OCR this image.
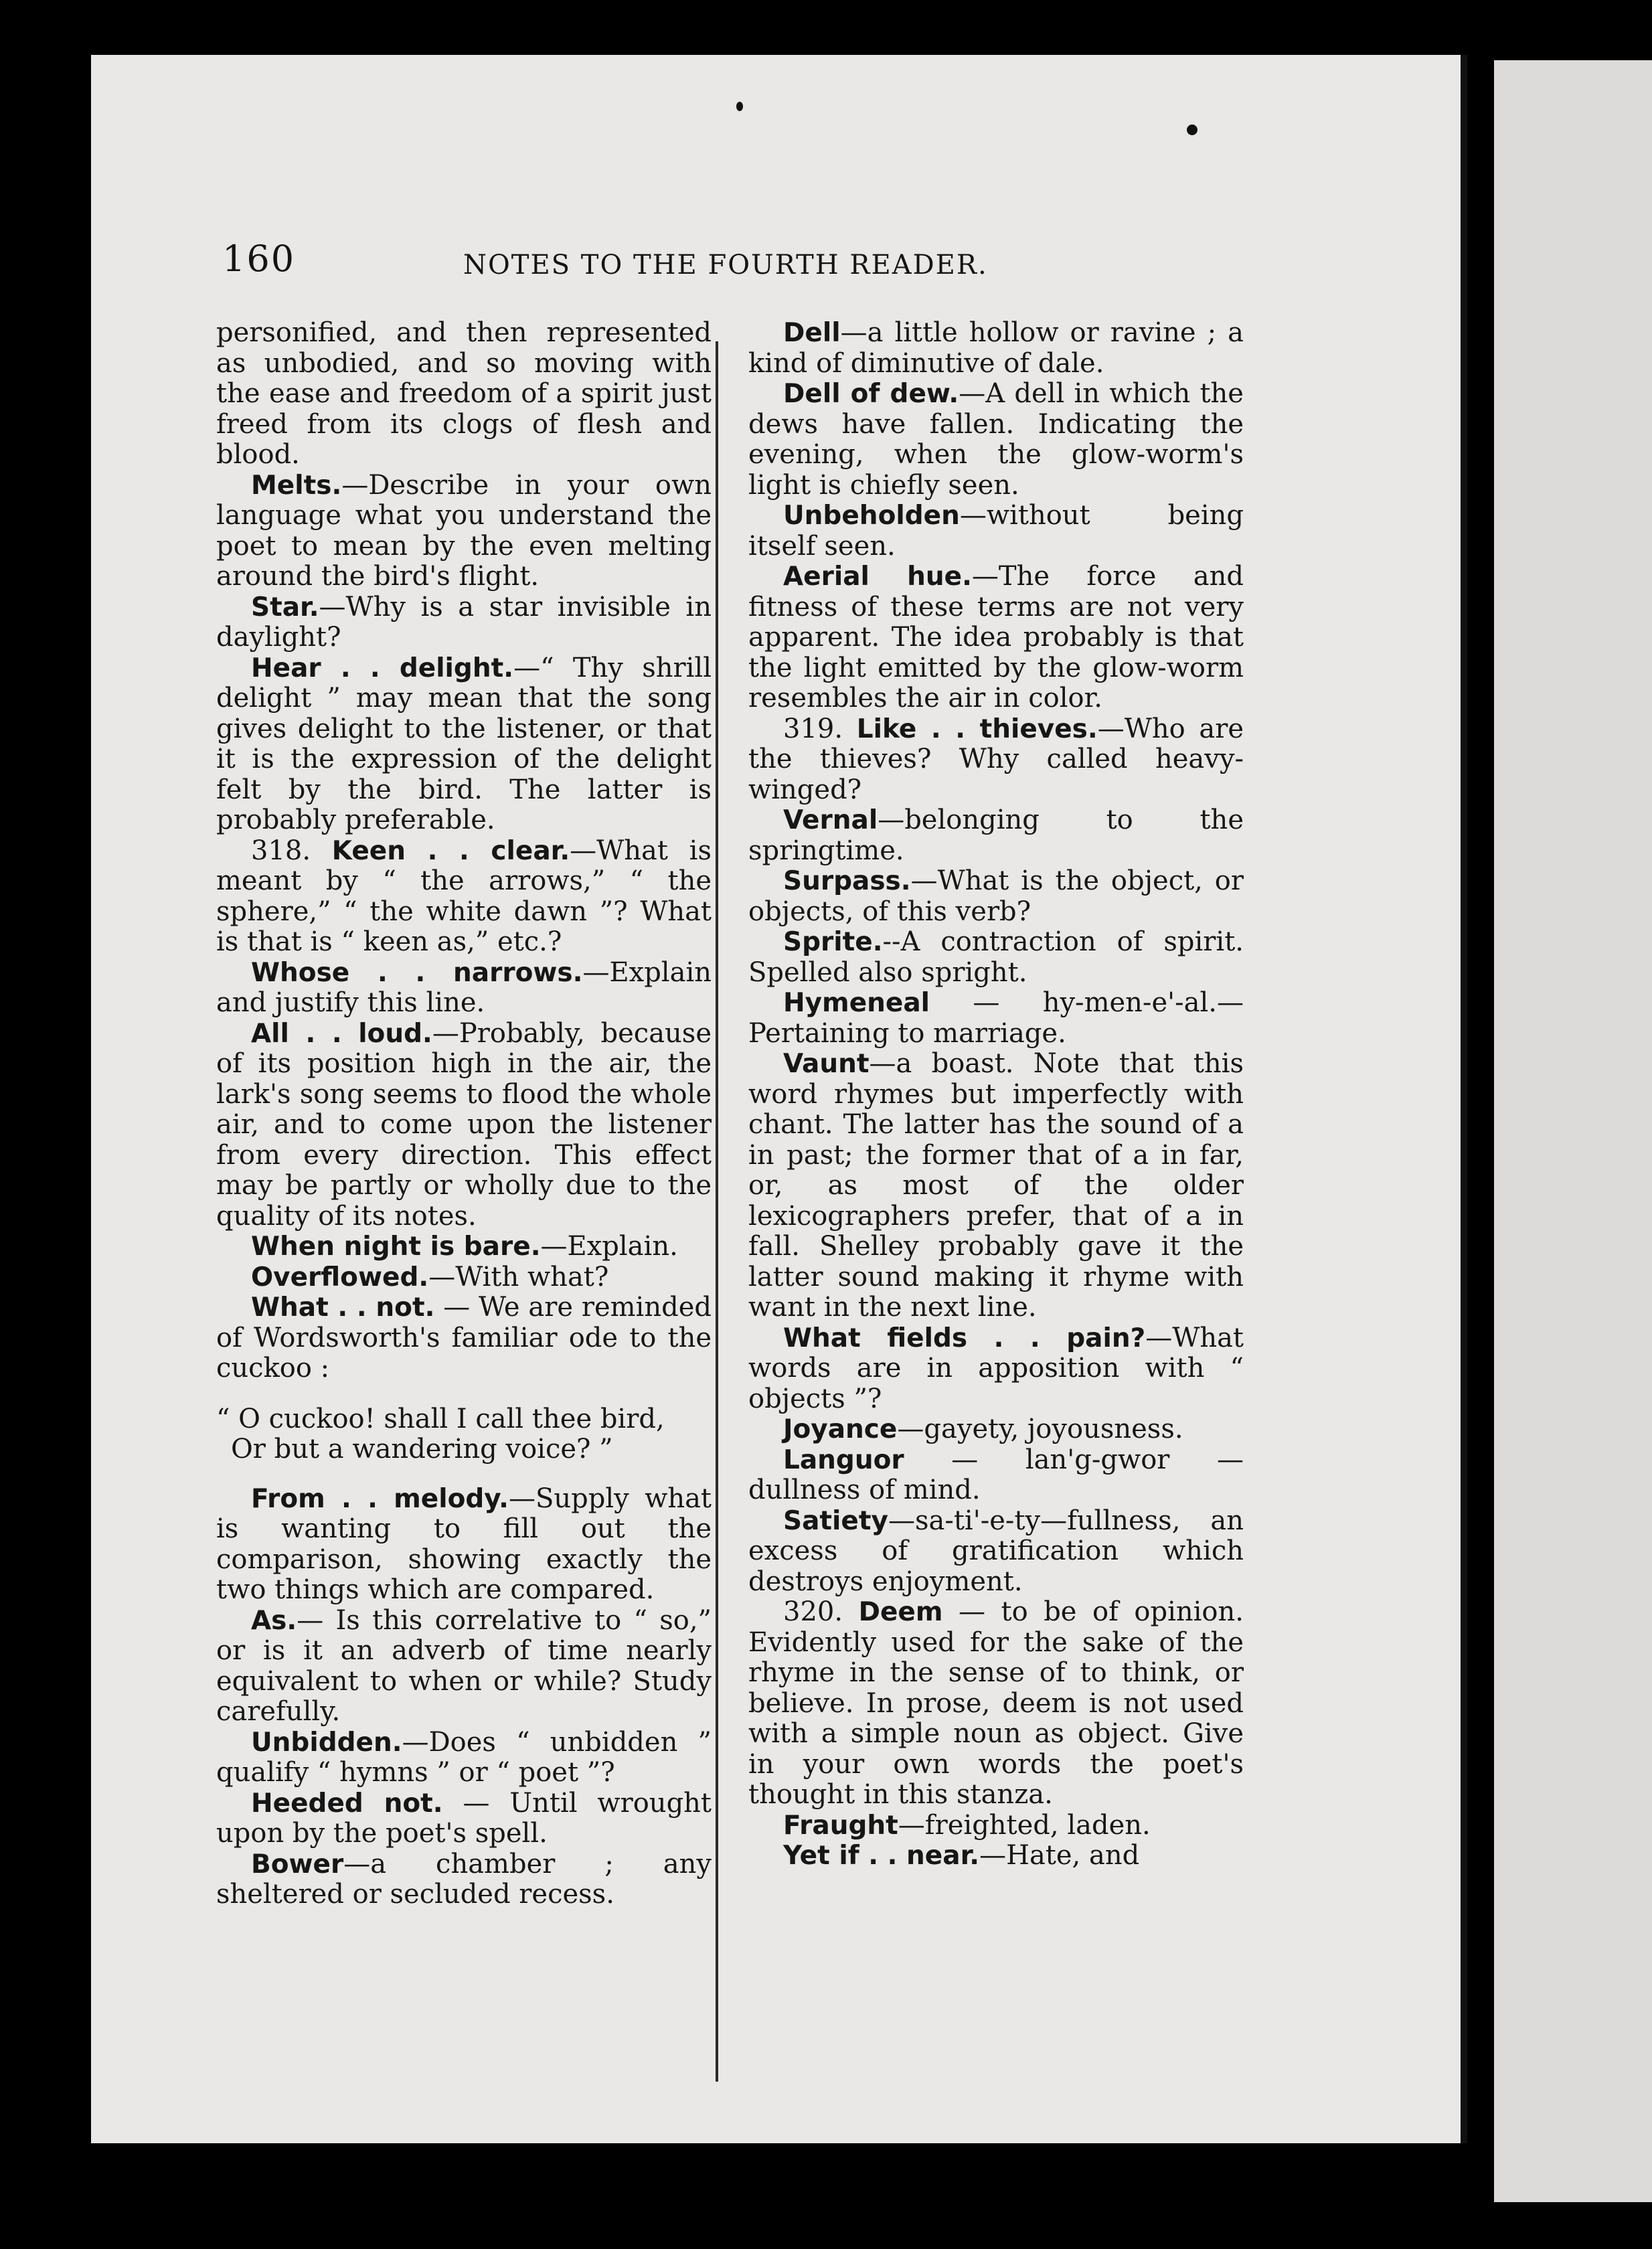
160	NOTES TO THE FOURTH READER.

personified, and then represented as unbodied, and so moving with the ease and freedom of a spirit just freed from its clogs of flesh and blood.

Melts.—Describe in your own language what you understand the poet to mean by the even melting around the bird's flight.

Star.—Why is a star invisible in daylight?

Hear . . delight.—“ Thy shrill delight ” may mean that the song gives delight to the listener, or that it is the expression of the delight felt by the bird. The latter is probably preferable.

318. Keen . . clear.—What is meant by “ the arrows,” “ the sphere,” “ the white dawn ”? What is that is “ keen as,” etc.?

Whose . . narrows.—Explain and justify this line.

All . . loud.—Probably, because of its position high in the air, the lark's song seems to flood the whole air, and to come upon the listener from every direction. This effect may be partly or wholly due to the quality of its notes.

When night is bare.—Explain.

Overflowed.—With what?

What . . not. — We are reminded of Wordsworth's familiar ode to the cuckoo :

“ O cuckoo! shall I call thee bird,
Or but a wandering voice? ”

From . . melody.—Supply what is wanting to fill out the comparison, showing exactly the two things which are compared.

As.— Is this correlative to “ so,” or is it an adverb of time nearly equivalent to when or while? Study carefully.

Unbidden.—Does “ unbidden ” qualify “ hymns ” or “ poet ”?

Heeded not. — Until wrought upon by the poet's spell.

Bower—a chamber ; any sheltered or secluded recess.

Dell—a little hollow or ravine ; a kind of diminutive of dale.

Dell of dew.—A dell in which the dews have fallen. Indicating the evening, when the glow-worm's light is chiefly seen.

Unbeholden—without being itself seen.

Aerial hue.—The force and fitness of these terms are not very apparent. The idea probably is that the light emitted by the glow-worm resembles the air in color.

319. Like . . thieves.—Who are the thieves? Why called heavy-winged?

Vernal—belonging to the springtime.

Surpass.—What is the object, or objects, of this verb?

Sprite.--A contraction of spirit. Spelled also spright.

Hymeneal — hy-men-e'-al.—Pertaining to marriage.

Vaunt—a boast. Note that this word rhymes but imperfectly with chant. The latter has the sound of a in past; the former that of a in far, or, as most of the older lexicographers prefer, that of a in fall. Shelley probably gave it the latter sound making it rhyme with want in the next line.

What fields . . pain?—What words are in apposition with “ objects ”?

Joyance—gayety, joyousness.

Languor — lan'g-gwor — dullness of mind.

Satiety—sa-ti'-e-ty—fullness, an excess of gratification which destroys enjoyment.

320. Deem — to be of opinion. Evidently used for the sake of the rhyme in the sense of to think, or believe. In prose, deem is not used with a simple noun as object. Give in your own words the poet's thought in this stanza.

Fraught—freighted, laden.

Yet if . . near.—Hate, and
